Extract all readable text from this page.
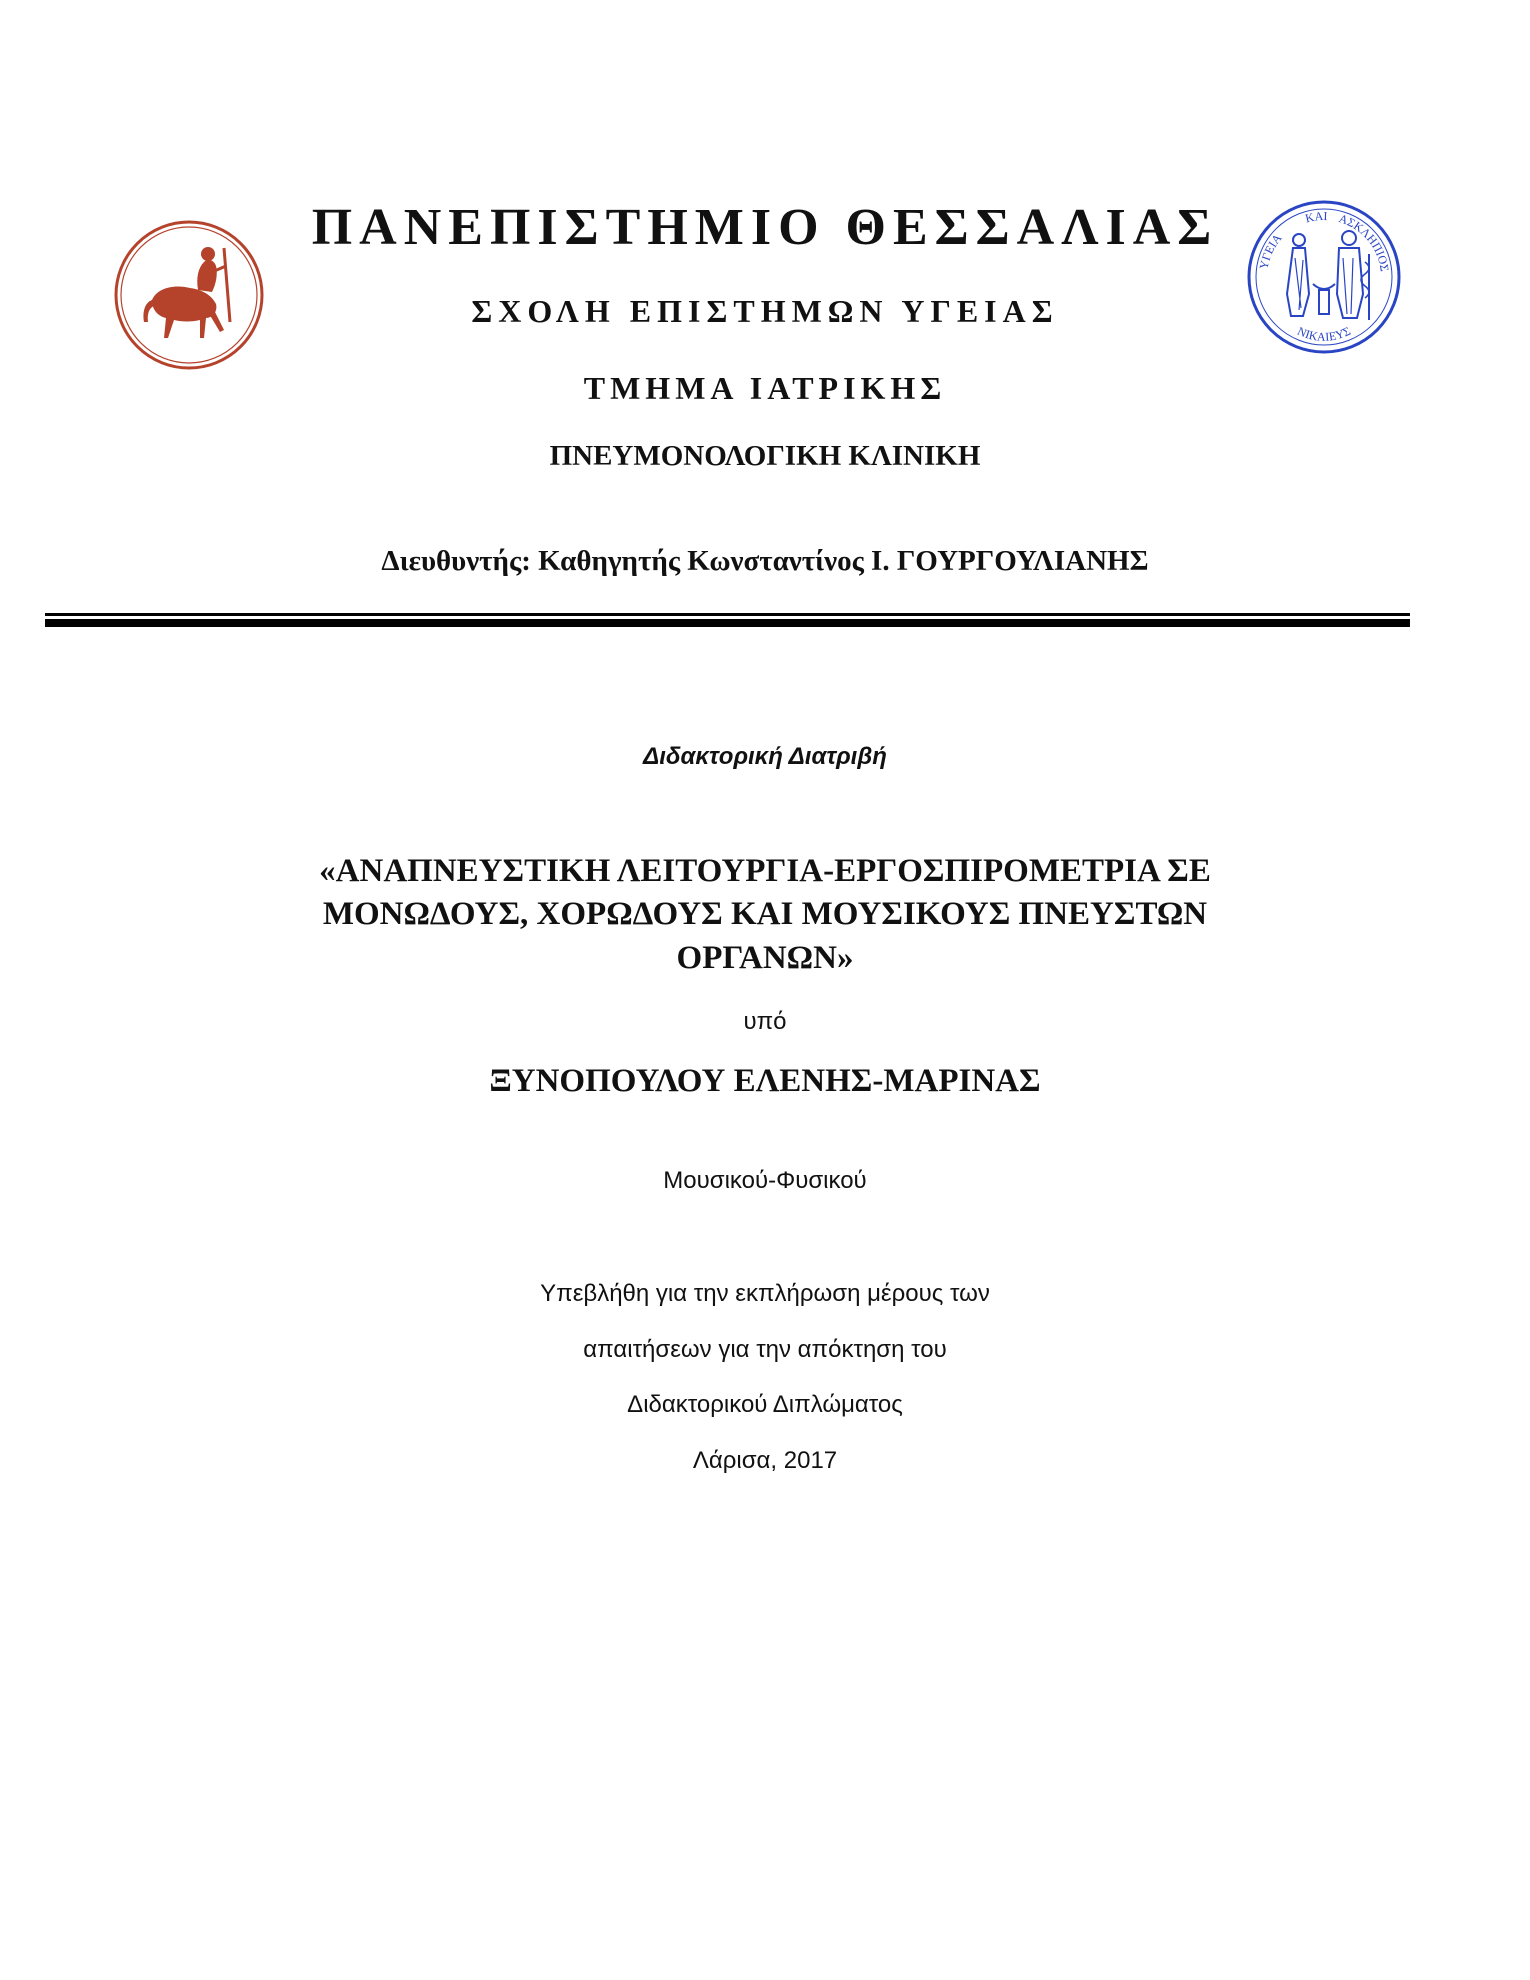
ΥΓΕΙΑ
ΚΑΙ ΑΣΚΛΗΠΙΟΣ
ΝΙΚΑΙΕΥΣ
ΠΑΝΕΠΙΣΤΗΜΙΟ ΘΕΣΣΑΛΙΑΣ
ΣΧΟΛΗ ΕΠΙΣΤΗΜΩΝ ΥΓΕΙΑΣ
ΤΜΗΜΑ ΙΑΤΡΙΚΗΣ
ΠΝΕΥΜΟΝΟΛΟΓΙΚΗ ΚΛΙΝΙΚΗ
Διευθυντής: Καθηγητής Κωνσταντίνος Ι. ΓΟΥΡΓΟΥΛΙΑΝΗΣ
Διδακτορική Διατριβή
«ΑΝΑΠΝΕΥΣΤΙΚΗ ΛΕΙΤΟΥΡΓΙΑ-ΕΡΓΟΣΠΙΡΟΜΕΤΡΙΑ ΣΕ
ΜΟΝΩΔΟΥΣ, ΧΟΡΩΔΟΥΣ ΚΑΙ ΜΟΥΣΙΚΟΥΣ ΠΝΕΥΣΤΩΝ
ΟΡΓΑΝΩΝ»
υπό
ΞΥΝΟΠΟΥΛΟΥ ΕΛΕΝΗΣ-ΜΑΡΙΝΑΣ
Μουσικού-Φυσικού
Υπεβλήθη για την εκπλήρωση μέρους των
απαιτήσεων για την απόκτηση του
Διδακτορικού Διπλώματος
Λάρισα, 2017
